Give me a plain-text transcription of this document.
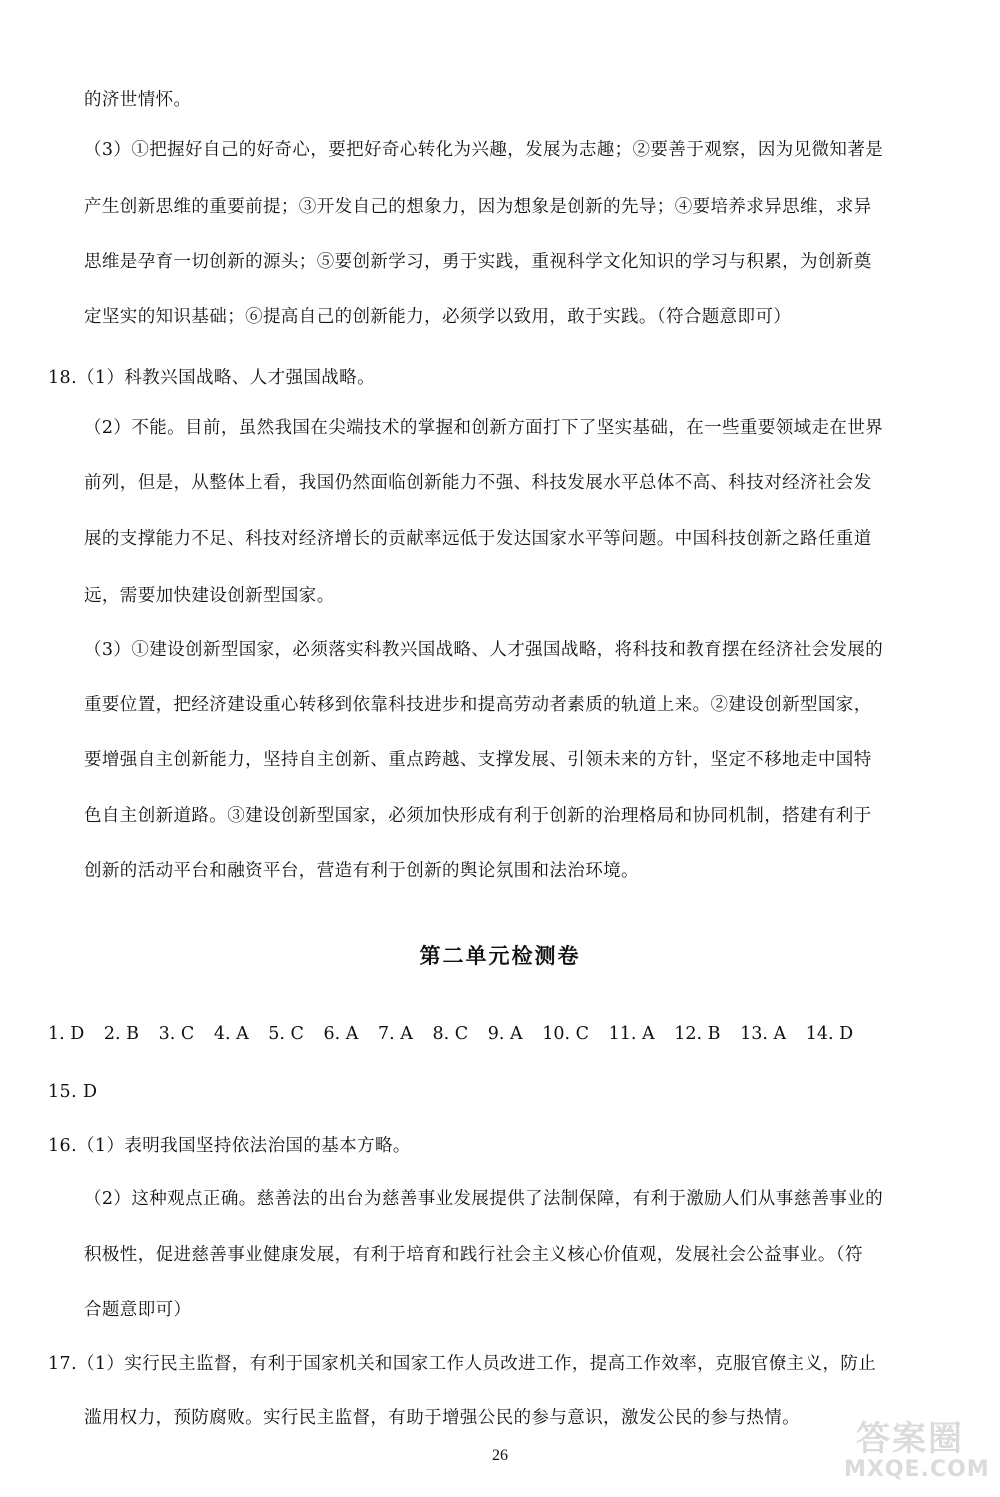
的济世情怀。
（3）①把握好自己的好奇心，要把好奇心转化为兴趣，发展为志趣；②要善于观察，因为见微知著是
产生创新思维的重要前提；③开发自己的想象力，因为想象是创新的先导；④要培养求异思维，求异
思维是孕育一切创新的源头；⑤要创新学习，勇于实践，重视科学文化知识的学习与积累，为创新奠
定坚实的知识基础；⑥提高自己的创新能力，必须学以致用，敢于实践。（符合题意即可）
18.（1）科教兴国战略、人才强国战略。
（2）不能。目前，虽然我国在尖端技术的掌握和创新方面打下了坚实基础，在一些重要领域走在世界
前列，但是，从整体上看，我国仍然面临创新能力不强、科技发展水平总体不高、科技对经济社会发
展的支撑能力不足、科技对经济增长的贡献率远低于发达国家水平等问题。中国科技创新之路任重道
远，需要加快建设创新型国家。
（3）①建设创新型国家，必须落实科教兴国战略、人才强国战略，将科技和教育摆在经济社会发展的
重要位置，把经济建设重心转移到依靠科技进步和提高劳动者素质的轨道上来。②建设创新型国家，
要增强自主创新能力，坚持自主创新、重点跨越、支撑发展、引领未来的方针，坚定不移地走中国特
色自主创新道路。③建设创新型国家，必须加快形成有利于创新的治理格局和协同机制，搭建有利于
创新的活动平台和融资平台，营造有利于创新的舆论氛围和法治环境。
第二单元检测卷
1. D 2. B 3. C 4. A 5. C 6. A 7. A 8. C 9. A 10. C 11. A 12. B 13. A 14. D
15. D
16.（1）表明我国坚持依法治国的基本方略。
（2）这种观点正确。慈善法的出台为慈善事业发展提供了法制保障，有利于激励人们从事慈善事业的
积极性，促进慈善事业健康发展，有利于培育和践行社会主义核心价值观，发展社会公益事业。（符
合题意即可）
17.（1）实行民主监督，有利于国家机关和国家工作人员改进工作，提高工作效率，克服官僚主义，防止
滥用权力，预防腐败。实行民主监督，有助于增强公民的参与意识，激发公民的参与热情。
26	答案圈
MXQE.COM
